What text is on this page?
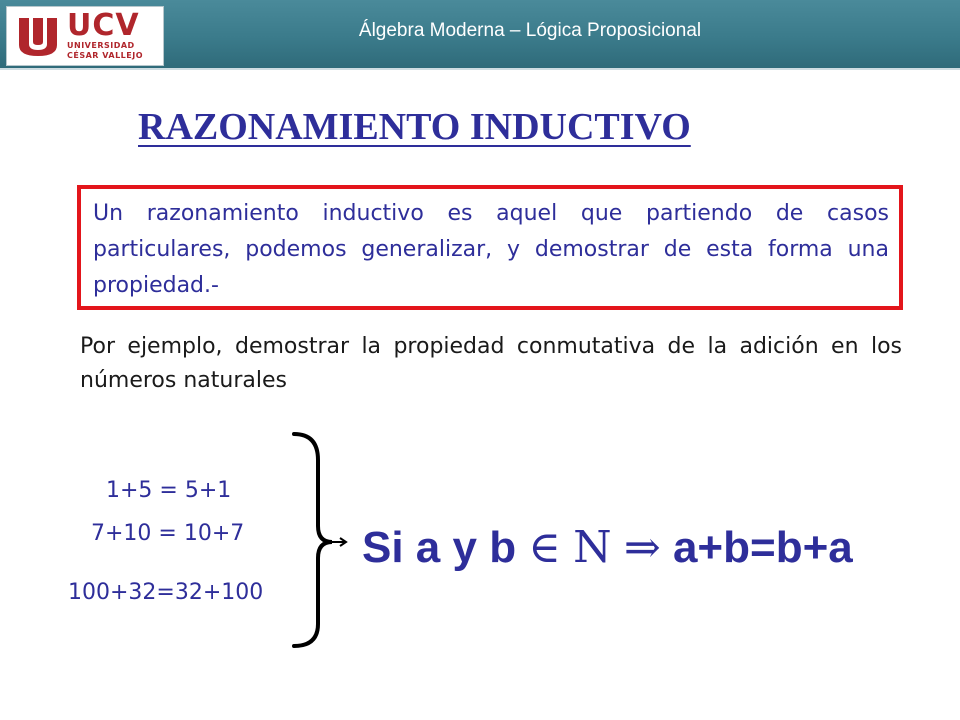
UCV
UNIVERSIDAD
CÉSAR VALLEJO
Álgebra Moderna – Lógica Proposicional
RAZONAMIENTO INDUCTIVO

Un razonamiento inductivo es aquel que partiendo de casos particulares, podemos generalizar, y demostrar de esta forma una propiedad.-

Por ejemplo, demostrar la propiedad conmutativa de la adición en los números naturales

1+5 = 5+1
7+10 = 10+7
100+32=32+100
Si a y b ∈ N ⇒ a+b=b+a
